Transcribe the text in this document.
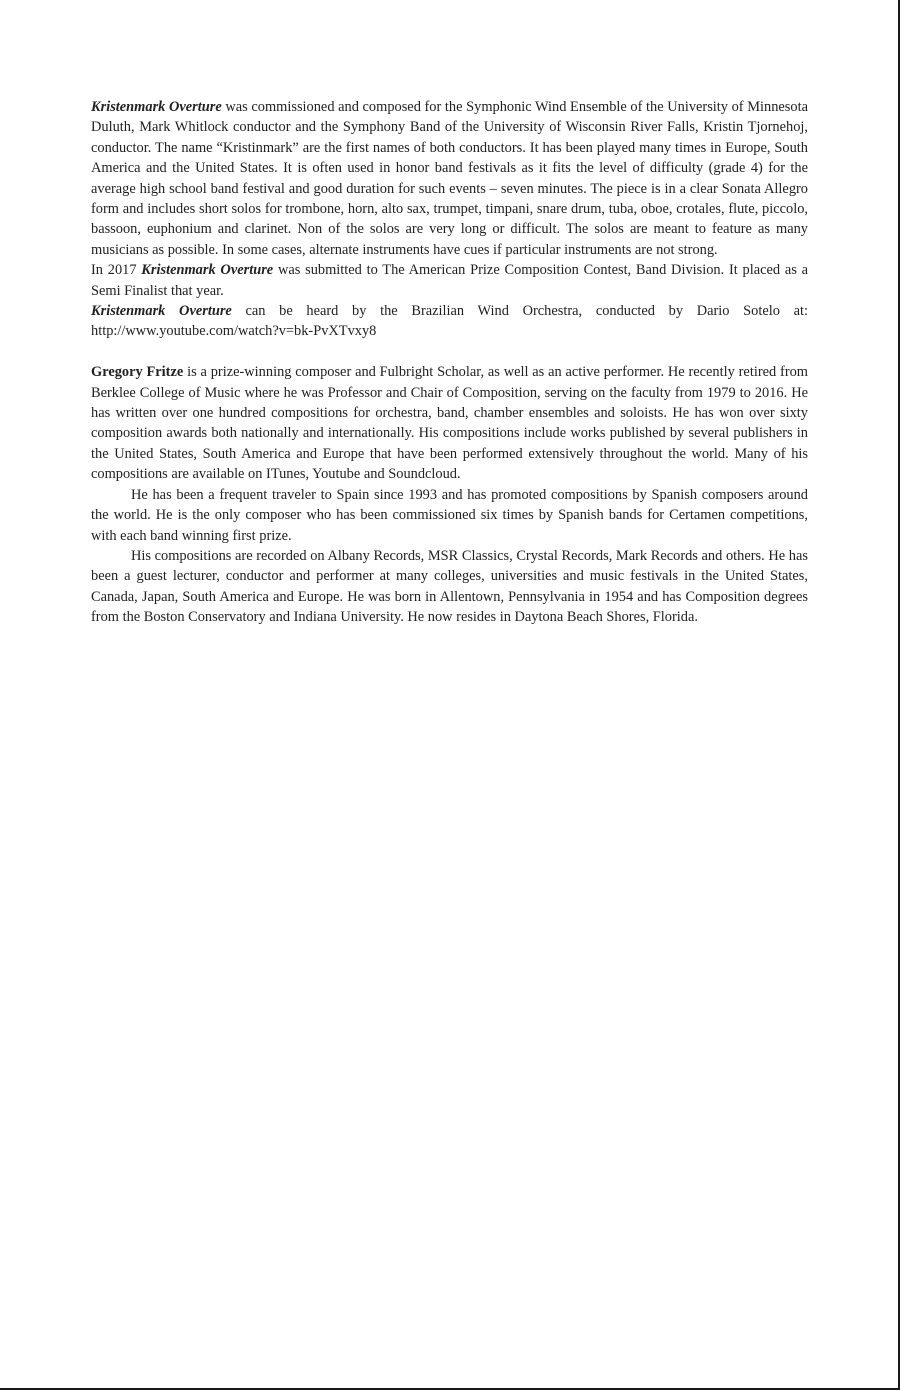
Kristenmark Overture was commissioned and composed for the Symphonic Wind Ensemble of the University of Minnesota Duluth, Mark Whitlock conductor and the Symphony Band of the University of Wisconsin River Falls, Kristin Tjornehoj, conductor. The name “Kristinmark” are the first names of both conductors. It has been played many times in Europe, South America and the United States. It is often used in honor band festivals as it fits the level of difficulty (grade 4) for the average high school band festival and good duration for such events – seven minutes. The piece is in a clear Sonata Allegro form and includes short solos for trombone, horn, alto sax, trumpet, timpani, snare drum, tuba, oboe, crotales, flute, piccolo, bassoon, euphonium and clarinet. Non of the solos are very long or difficult. The solos are meant to feature as many musicians as possible. In some cases, alternate instruments have cues if particular instruments are not strong.

In 2017 Kristenmark Overture was submitted to The American Prize Composition Contest, Band Division. It placed as a Semi Finalist that year.

Kristenmark Overture can be heard by the Brazilian Wind Orchestra, conducted by Dario Sotelo at: http://www.youtube.com/watch?v=bk-PvXTvxy8

Gregory Fritze is a prize-winning composer and Fulbright Scholar, as well as an active performer. He recently retired from Berklee College of Music where he was Professor and Chair of Composition, serving on the faculty from 1979 to 2016. He has written over one hundred compositions for orchestra, band, chamber ensembles and soloists. He has won over sixty composition awards both nationally and internationally. His compositions include works published by several publishers in the United States, South America and Europe that have been performed extensively throughout the world. Many of his compositions are available on ITunes, Youtube and Soundcloud.

He has been a frequent traveler to Spain since 1993 and has promoted compositions by Spanish composers around the world. He is the only composer who has been commissioned six times by Spanish bands for Certamen competitions, with each band winning first prize.

His compositions are recorded on Albany Records, MSR Classics, Crystal Records, Mark Records and others. He has been a guest lecturer, conductor and performer at many colleges, universities and music festivals in the United States, Canada, Japan, South America and Europe. He was born in Allentown, Pennsylvania in 1954 and has Composition degrees from the Boston Conservatory and Indiana University. He now resides in Daytona Beach Shores, Florida.
